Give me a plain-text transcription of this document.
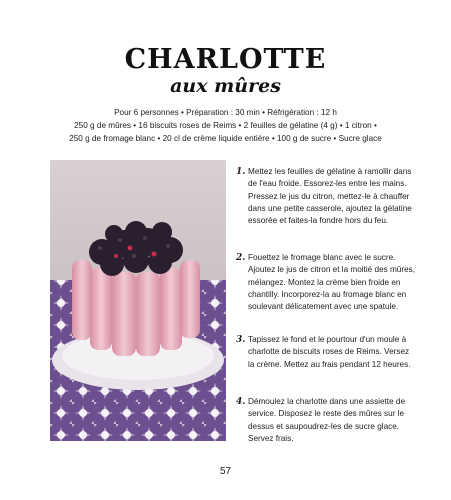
CHARLOTTE
aux mûres
Pour 6 personnes • Préparation : 30 min • Réfrigération : 12 h
250 g de mûres • 16 biscuits roses de Reims • 2 feuilles de gélatine (4 g) • 1 citron •
250 g de fromage blanc • 20 cl de crème liquide entière • 100 g de sucre • Sucre glace
1. Mettez les feuilles de gélatine à ramollir dans de l'eau froide. Essorez-les entre les mains. Pressez le jus du citron, mettez-le à chauffer dans une petite casserole, ajoutez la gélatine essorée et faites-la fondre hors du feu.
2. Fouettez le fromage blanc avec le sucre. Ajoutez le jus de citron et la moitié des mûres, mélangez. Montez la crème bien froide en chantilly. Incorporez-la au fromage blanc en soulevant délicatement avec une spatule.
3. Tapissez le fond et le pourtour d'un moule à charlotte de biscuits roses de Reims. Versez la crème. Mettez au frais pendant 12 heures.
4. Démoulez la charlotte dans une assiette de service. Disposez le reste des mûres sur le dessus et saupoudrez-les de sucre glace. Servez frais.
57
